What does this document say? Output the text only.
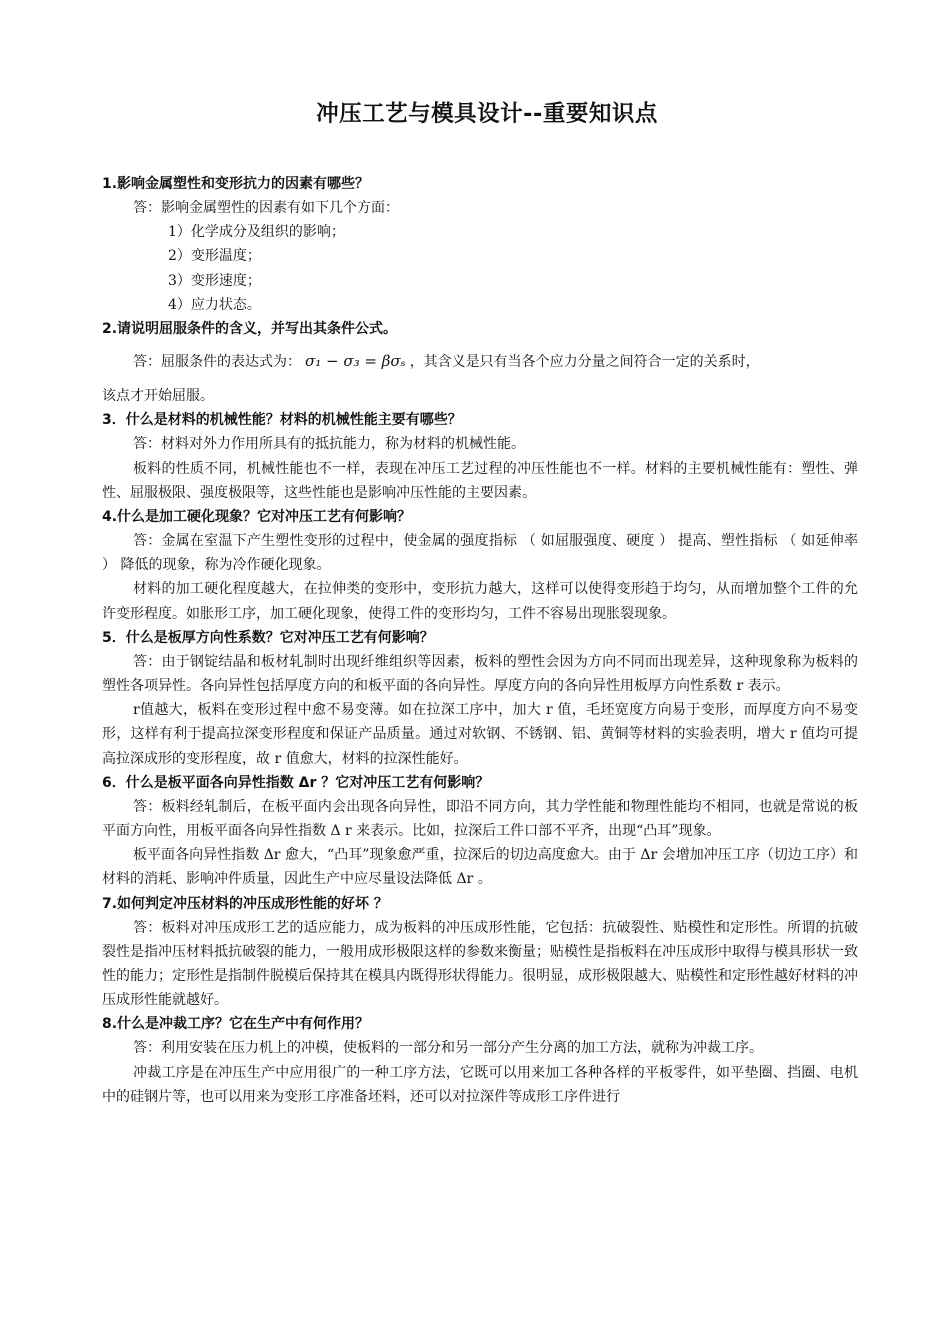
冲压工艺与模具设计--重要知识点

1.影响金属塑性和变形抗力的因素有哪些？

答：影响金属塑性的因素有如下几个方面：

1）化学成分及组织的影响；

2）变形温度；

3）变形速度；

4）应力状态。

2.请说明屈服条件的含义，并写出其条件公式。

答：屈服条件的表达式为： σ₁ − σ₃ = βσₛ ，其含义是只有当各个应力分量之间符合一定的关系时，

该点才开始屈服。

3．什么是材料的机械性能？材料的机械性能主要有哪些？

答：材料对外力作用所具有的抵抗能力，称为材料的机械性能。

板料的性质不同，机械性能也不一样，表现在冲压工艺过程的冲压性能也不一样。材料的主要机械性能有：塑性、弹性、屈服极限、强度极限等，这些性能也是影响冲压性能的主要因素。

4.什么是加工硬化现象？它对冲压工艺有何影响？

答：金属在室温下产生塑性变形的过程中，使金属的强度指标 （ 如屈服强度、硬度 ） 提高、塑性指标 （ 如延伸率 ） 降低的现象，称为冷作硬化现象。

材料的加工硬化程度越大，在拉伸类的变形中，变形抗力越大，这样可以使得变形趋于均匀，从而增加整个工件的允许变形程度。如胀形工序，加工硬化现象，使得工件的变形均匀，工件不容易出现胀裂现象。

5．什么是板厚方向性系数？它对冲压工艺有何影响？

答：由于钢锭结晶和板材轧制时出现纤维组织等因素，板料的塑性会因为方向不同而出现差异，这种现象称为板料的塑性各项异性。各向异性包括厚度方向的和板平面的各向异性。厚度方向的各向异性用板厚方向性系数 r 表示。

r值越大，板料在变形过程中愈不易变薄。如在拉深工序中，加大 r 值，毛坯宽度方向易于变形，而厚度方向不易变形，这样有利于提高拉深变形程度和保证产品质量。通过对软钢、不锈钢、铝、黄铜等材料的实验表明，增大 r 值均可提高拉深成形的变形程度，故 r 值愈大，材料的拉深性能好。

6．什么是板平面各向异性指数 Δr ？它对冲压工艺有何影响？

答：板料经轧制后，在板平面内会出现各向异性，即沿不同方向，其力学性能和物理性能均不相同，也就是常说的板平面方向性，用板平面各向异性指数 Δ r 来表示。比如，拉深后工件口部不平齐，出现“凸耳”现象。

板平面各向异性指数 Δr 愈大，“凸耳”现象愈严重，拉深后的切边高度愈大。由于 Δr 会增加冲压工序（切边工序）和材料的消耗、影响冲件质量，因此生产中应尽量设法降低 Δr 。

7.如何判定冲压材料的冲压成形性能的好坏 ？

答：板料对冲压成形工艺的适应能力，成为板料的冲压成形性能，它包括：抗破裂性、贴模性和定形性。所谓的抗破裂性是指冲压材料抵抗破裂的能力，一般用成形极限这样的参数来衡量；贴模性是指板料在冲压成形中取得与模具形状一致性的能力；定形性是指制件脱模后保持其在模具内既得形状得能力。很明显，成形极限越大、贴模性和定形性越好材料的冲压成形性能就越好。

8.什么是冲裁工序？它在生产中有何作用？

答：利用安装在压力机上的冲模，使板料的一部分和另一部分产生分离的加工方法，就称为冲裁工序。

冲裁工序是在冲压生产中应用很广的一种工序方法，它既可以用来加工各种各样的平板零件，如平垫圈、挡圈、电机中的硅钢片等，也可以用来为变形工序准备坯料，还可以对拉深件等成形工序件进行
